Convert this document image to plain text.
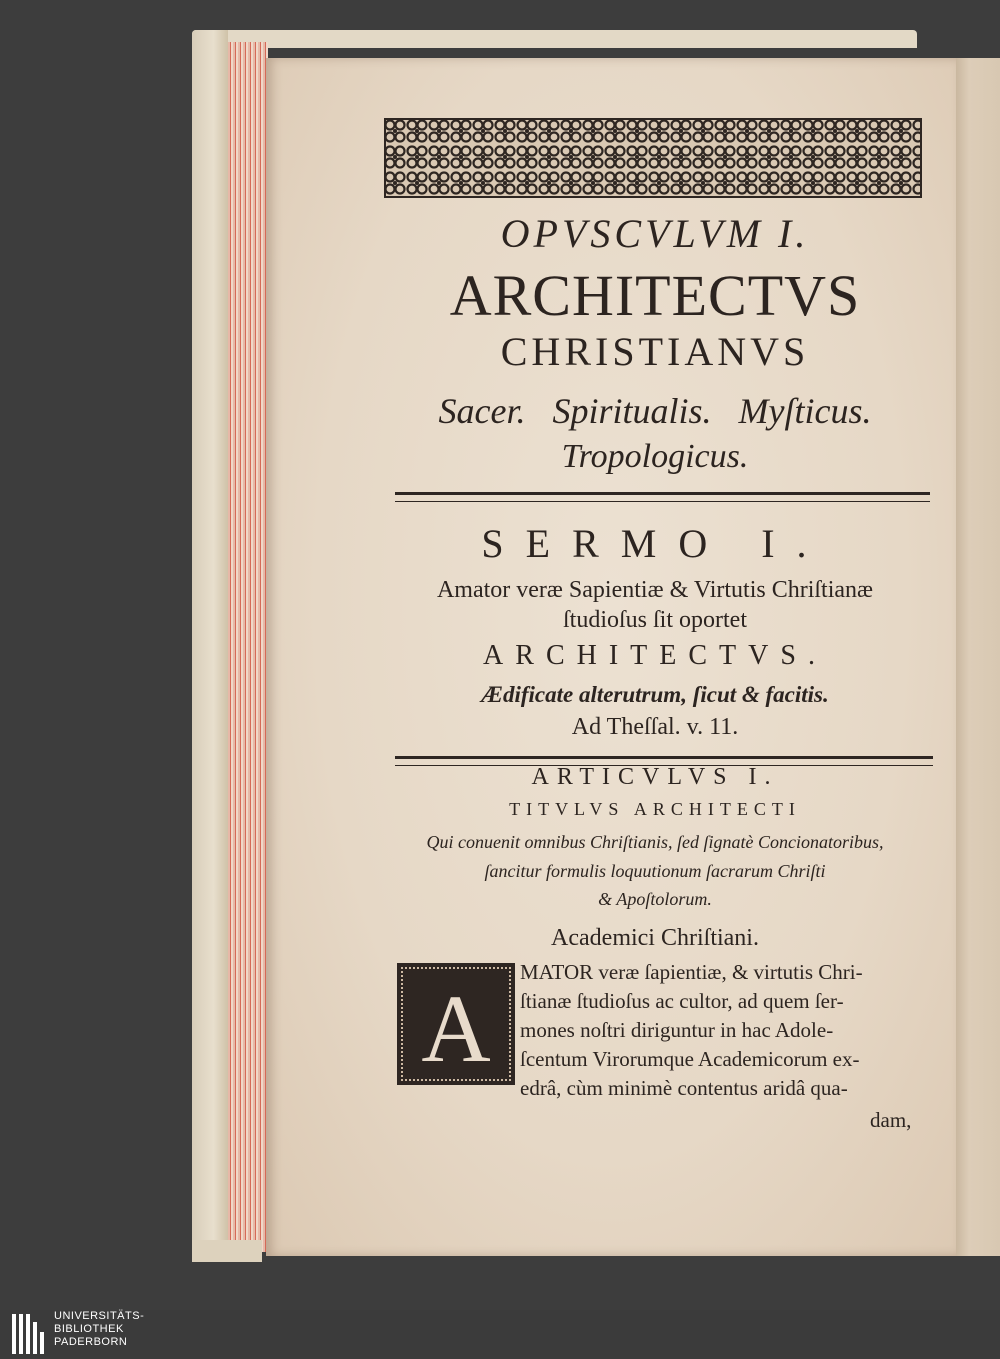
OPVSCVLVM I.
ARCHITECTVS
CHRISTIANVS
Sacer. Spiritualis. Myſticus.
Tropologicus.
SERMO I.
Amator veræ Sapientiæ & Virtutis Chriſtianæ
ſtudioſus ſit oportet
ARCHITECTVS.
Ædificate alterutrum, ſicut & facitis.
Ad Theſſal. v. 11.
ARTICVLVS I.
TITVLVS ARCHITECTI
Qui conuenit omnibus Chriſtianis, ſed ſignatè Concionatoribus,
ſancitur formulis loquutionum ſacrarum Chriſti
& Apoſtolorum.
Academici Chriſtiani.
A
MATOR veræ ſapientiæ, & virtutis Chri-
ſtianæ ſtudioſus ac cultor, ad quem ſer-
mones noſtri diriguntur in hac Adole-
ſcentum Virorumque Academicorum ex-
edrâ, cùm minimè contentus aridâ qua-
dam,
UNIVERSITÄTS-
BIBLIOTHEK
PADERBORN
